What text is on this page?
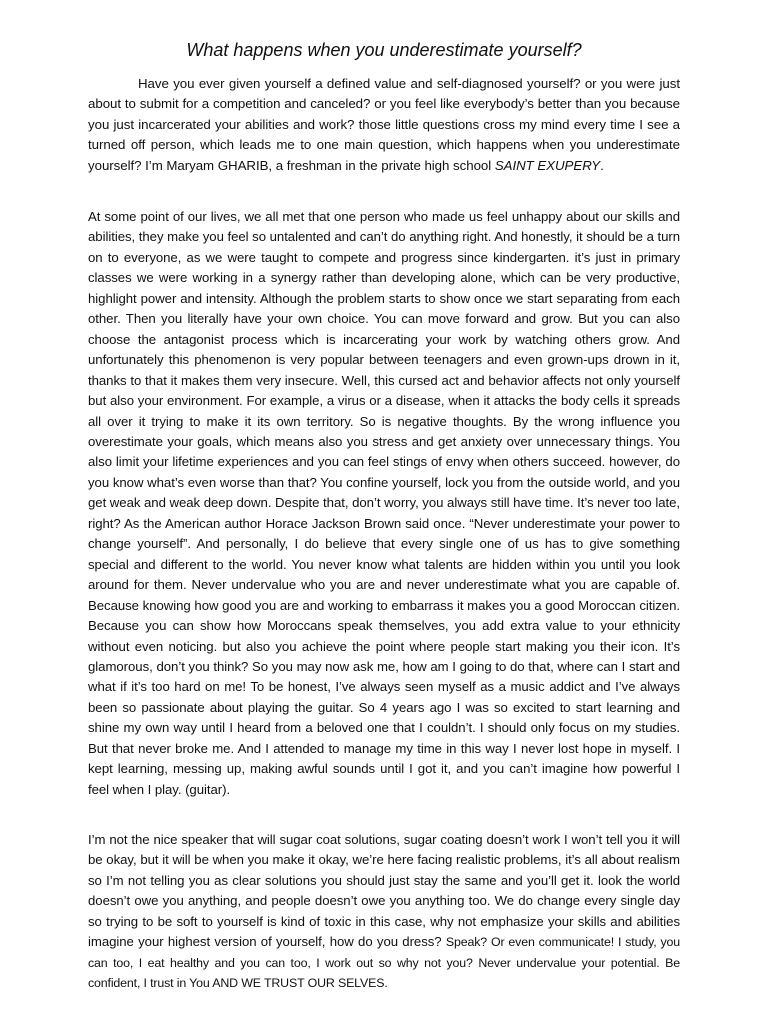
What happens when you underestimate yourself?

Have you ever given yourself a defined value and self-diagnosed yourself? or you were just about to submit for a competition and canceled? or you feel like everybody’s better than you because you just incarcerated your abilities and work? those little questions cross my mind every time I see a turned off person, which leads me to one main question, which happens when you underestimate yourself? I’m Maryam GHARIB, a freshman in the private high school SAINT EXUPERY.

At some point of our lives, we all met that one person who made us feel unhappy about our skills and abilities, they make you feel so untalented and can’t do anything right. And honestly, it should be a turn on to everyone, as we were taught to compete and progress since kindergarten. it’s just in primary classes we were working in a synergy rather than developing alone, which can be very productive, highlight power and intensity. Although the problem starts to show once we start separating from each other. Then you literally have your own choice. You can move forward and grow. But you can also choose the antagonist process which is incarcerating your work by watching others grow. And unfortunately this phenomenon is very popular between teenagers and even grown-ups drown in it, thanks to that it makes them very insecure. Well, this cursed act and behavior affects not only yourself but also your environment. For example, a virus or a disease, when it attacks the body cells it spreads all over it trying to make it its own territory. So is negative thoughts. By the wrong influence you overestimate your goals, which means also you stress and get anxiety over unnecessary things. You also limit your lifetime experiences and you can feel stings of envy when others succeed. however, do you know what’s even worse than that? You confine yourself, lock you from the outside world, and you get weak and weak deep down. Despite that, don’t worry, you always still have time. It’s never too late, right? As the American author Horace Jackson Brown said once. “Never underestimate your power to change yourself”. And personally, I do believe that every single one of us has to give something special and different to the world. You never know what talents are hidden within you until you look around for them. Never undervalue who you are and never underestimate what you are capable of. Because knowing how good you are and working to embarrass it makes you a good Moroccan citizen. Because you can show how Moroccans speak themselves, you add extra value to your ethnicity without even noticing. but also you achieve the point where people start making you their icon. It’s glamorous, don’t you think? So you may now ask me, how am I going to do that, where can I start and what if it’s too hard on me! To be honest, I’ve always seen myself as a music addict and I’ve always been so passionate about playing the guitar. So 4 years ago I was so excited to start learning and shine my own way until I heard from a beloved one that I couldn’t. I should only focus on my studies. But that never broke me. And I attended to manage my time in this way I never lost hope in myself. I kept learning, messing up, making awful sounds until I got it, and you can’t imagine how powerful I feel when I play. (guitar).

I’m not the nice speaker that will sugar coat solutions, sugar coating doesn’t work I won’t tell you it will be okay, but it will be when you make it okay, we’re here facing realistic problems, it’s all about realism so I’m not telling you as clear solutions you should just stay the same and you’ll get it. look the world doesn’t owe you anything, and people doesn’t owe you anything too. We do change every single day so trying to be soft to yourself is kind of toxic in this case, why not emphasize your skills and abilities imagine your highest version of yourself, how do you dress? Speak? Or even communicate! I study, you can too, I eat healthy and you can too, I work out so why not you? Never undervalue your potential. Be confident, I trust in You AND WE TRUST OUR SELVES.
